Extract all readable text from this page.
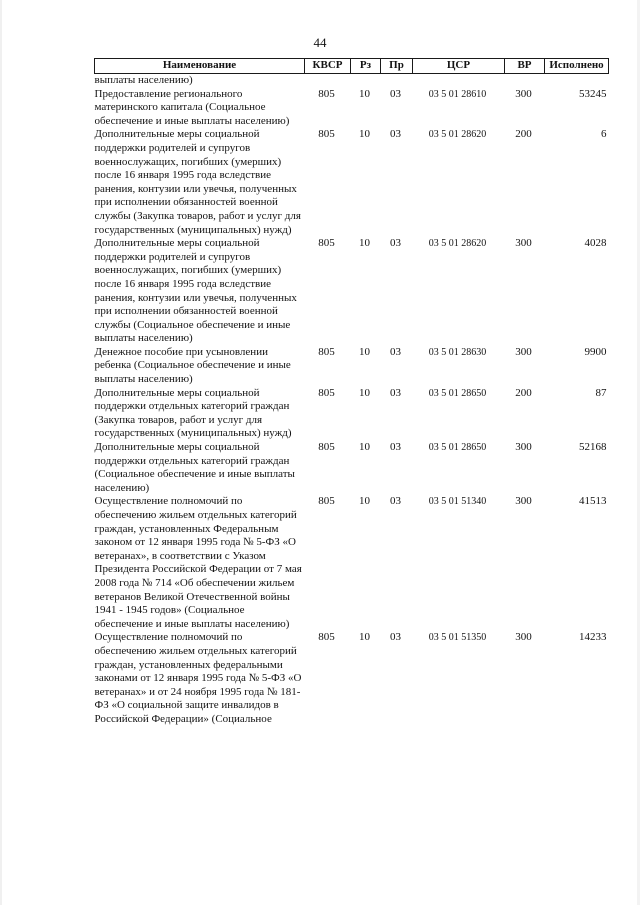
44
Наименование	КВСР	Рз	Пр	ЦСР	ВР	Исполнено
выплаты населению)						
Предоставление регионального материнского капитала (Социальное обеспечение и иные выплаты населению)	805	10	03	03 5 01 28610	300	53245
Дополнительные меры социальной поддержки родителей и супругов военнослужащих, погибших (умерших) после 16 января 1995 года вследствие ранения, контузии или увечья, полученных при исполнении обязанностей военной службы (Закупка товаров, работ и услуг для государственных (муниципальных) нужд)	805	10	03	03 5 01 28620	200	6
Дополнительные меры социальной поддержки родителей и супругов военнослужащих, погибших (умерших) после 16 января 1995 года вследствие ранения, контузии или увечья, полученных при исполнении обязанностей военной службы (Социальное обеспечение и иные выплаты населению)	805	10	03	03 5 01 28620	300	4028
Денежное пособие при усыновлении ребенка (Социальное обеспечение и иные выплаты населению)	805	10	03	03 5 01 28630	300	9900
Дополнительные меры социальной поддержки отдельных категорий граждан (Закупка товаров, работ и услуг для государственных (муниципальных) нужд)	805	10	03	03 5 01 28650	200	87
Дополнительные меры социальной поддержки отдельных категорий граждан (Социальное обеспечение и иные выплаты населению)	805	10	03	03 5 01 28650	300	52168
Осуществление полномочий по обеспечению жильем отдельных категорий граждан, установленных Федеральным законом от 12 января 1995 года № 5-ФЗ «О ветеранах», в соответствии с Указом Президента Российской Федерации от 7 мая 2008 года № 714 «Об обеспечении жильем ветеранов Великой Отечественной войны 1941 - 1945 годов» (Социальное обеспечение и иные выплаты населению)	805	10	03	03 5 01 51340	300	41513
Осуществление полномочий по обеспечению жильем отдельных категорий граждан, установленных федеральными законами от 12 января 1995 года № 5-ФЗ «О ветеранах» и от 24 ноября 1995 года № 181-ФЗ «О социальной защите инвалидов в Российской Федерации» (Социальное	805	10	03	03 5 01 51350	300	14233
